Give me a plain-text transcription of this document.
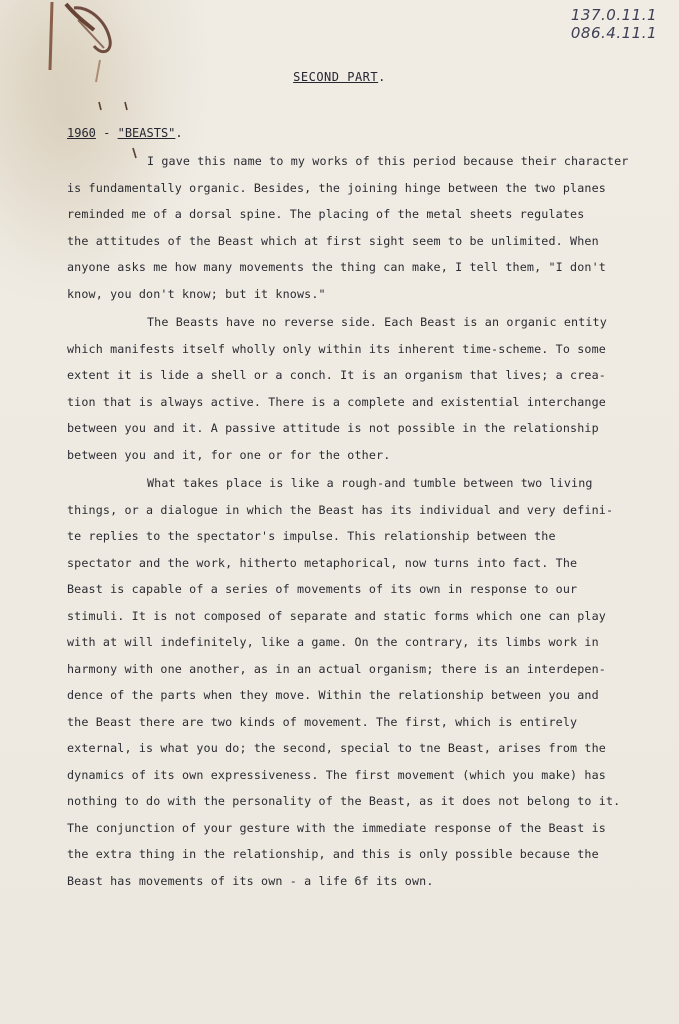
137.0.11.1
086.4.11.1
SECOND PART.
1960 - "BEASTS".
I gave this name to my works of this period because their character
is fundamentally organic. Besides, the joining hinge between the two planes
reminded me of a dorsal spine. The placing of the metal sheets regulates
the attitudes of the Beast which at first sight seem to be unlimited. When
anyone asks me how many movements the thing can make, I tell them, "I don't
know, you don't know; but it knows."
The Beasts have no reverse side. Each Beast is an organic entity
which manifests itself wholly only within its inherent time-scheme. To some
extent it is lide a shell or a conch. It is an organism that lives; a crea-
tion that is always active. There is a complete and existential interchange
between you and it. A passive attitude is not possible in the relationship
between you and it, for one or for the other.
What takes place is like a rough-and tumble between two living
things, or a dialogue in which the Beast has its individual and very defini-
te replies to the spectator's impulse. This relationship between the
spectator and the work, hitherto metaphorical, now turns into fact. The
Beast is capable of a series of movements of its own in response to our
stimuli. It is not composed of separate and static forms which one can play
with at will indefinitely, like a game. On the contrary, its limbs work in
harmony with one another, as in an actual organism; there is an interdepen-
dence of the parts when they move. Within the relationship between you and
the Beast there are two kinds of movement. The first, which is entirely
external, is what you do; the second, special to tne Beast, arises from the
dynamics of its own expressiveness. The first movement (which you make) has
nothing to do with the personality of the Beast, as it does not belong to it.
The conjunction of your gesture with the immediate response of the Beast is
the extra thing in the relationship, and this is only possible because the
Beast has movements of its own - a life 6f its own.
